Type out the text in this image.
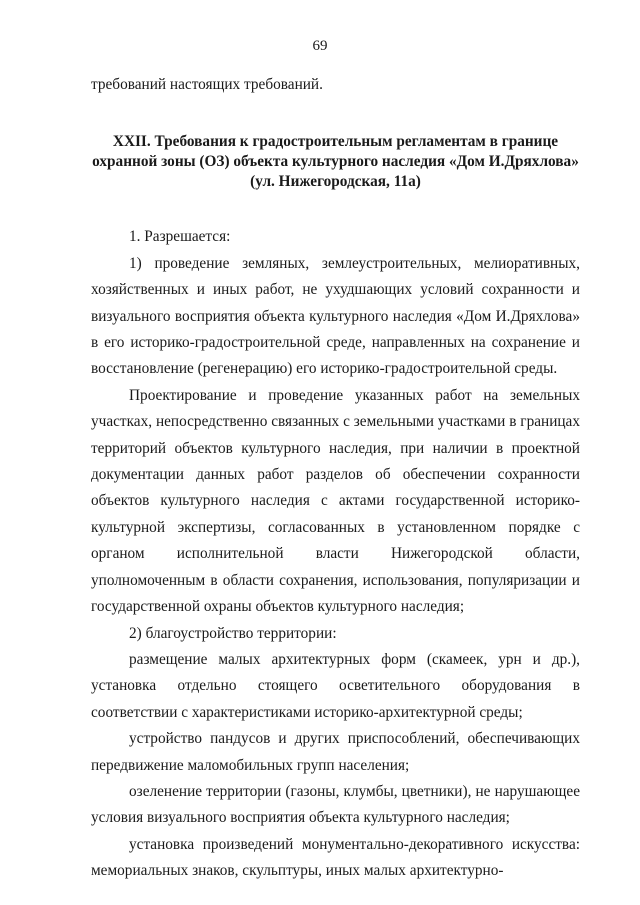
69

требований настоящих требований.

XXII. Требования к градостроительным регламентам в границе
охранной зоны (ОЗ) объекта культурного наследия «Дом И.Дряхлова»
(ул. Нижегородская, 11а)

1. Разрешается:

1) проведение земляных, землеустроительных, мелиоративных, хозяйственных и иных работ, не ухудшающих условий сохранности и визуального восприятия объекта культурного наследия «Дом И.Дряхлова» в его историко-градостроительной среде, направленных на сохранение и восстановление (регенерацию) его историко-градостроительной среды.

Проектирование и проведение указанных работ на земельных участках, непосредственно связанных с земельными участками в границах территорий объектов культурного наследия, при наличии в проектной документации данных работ разделов об обеспечении сохранности объектов культурного наследия с актами государственной историко-культурной экспертизы, согласованных в установленном порядке с органом исполнительной власти Нижегородской области, уполномоченным в области сохранения, использования, популяризации и государственной охраны объектов культурного наследия;

2) благоустройство территории:

размещение малых архитектурных форм (скамеек, урн и др.), установка отдельно стоящего осветительного оборудования в соответствии с характеристиками историко-архитектурной среды;

устройство пандусов и других приспособлений, обеспечивающих передвижение маломобильных групп населения;

озеленение территории (газоны, клумбы, цветники), не нарушающее условия визуального восприятия объекта культурного наследия;

установка произведений монументально-декоративного искусства: мемориальных знаков, скульптуры, иных малых архитектурно-
